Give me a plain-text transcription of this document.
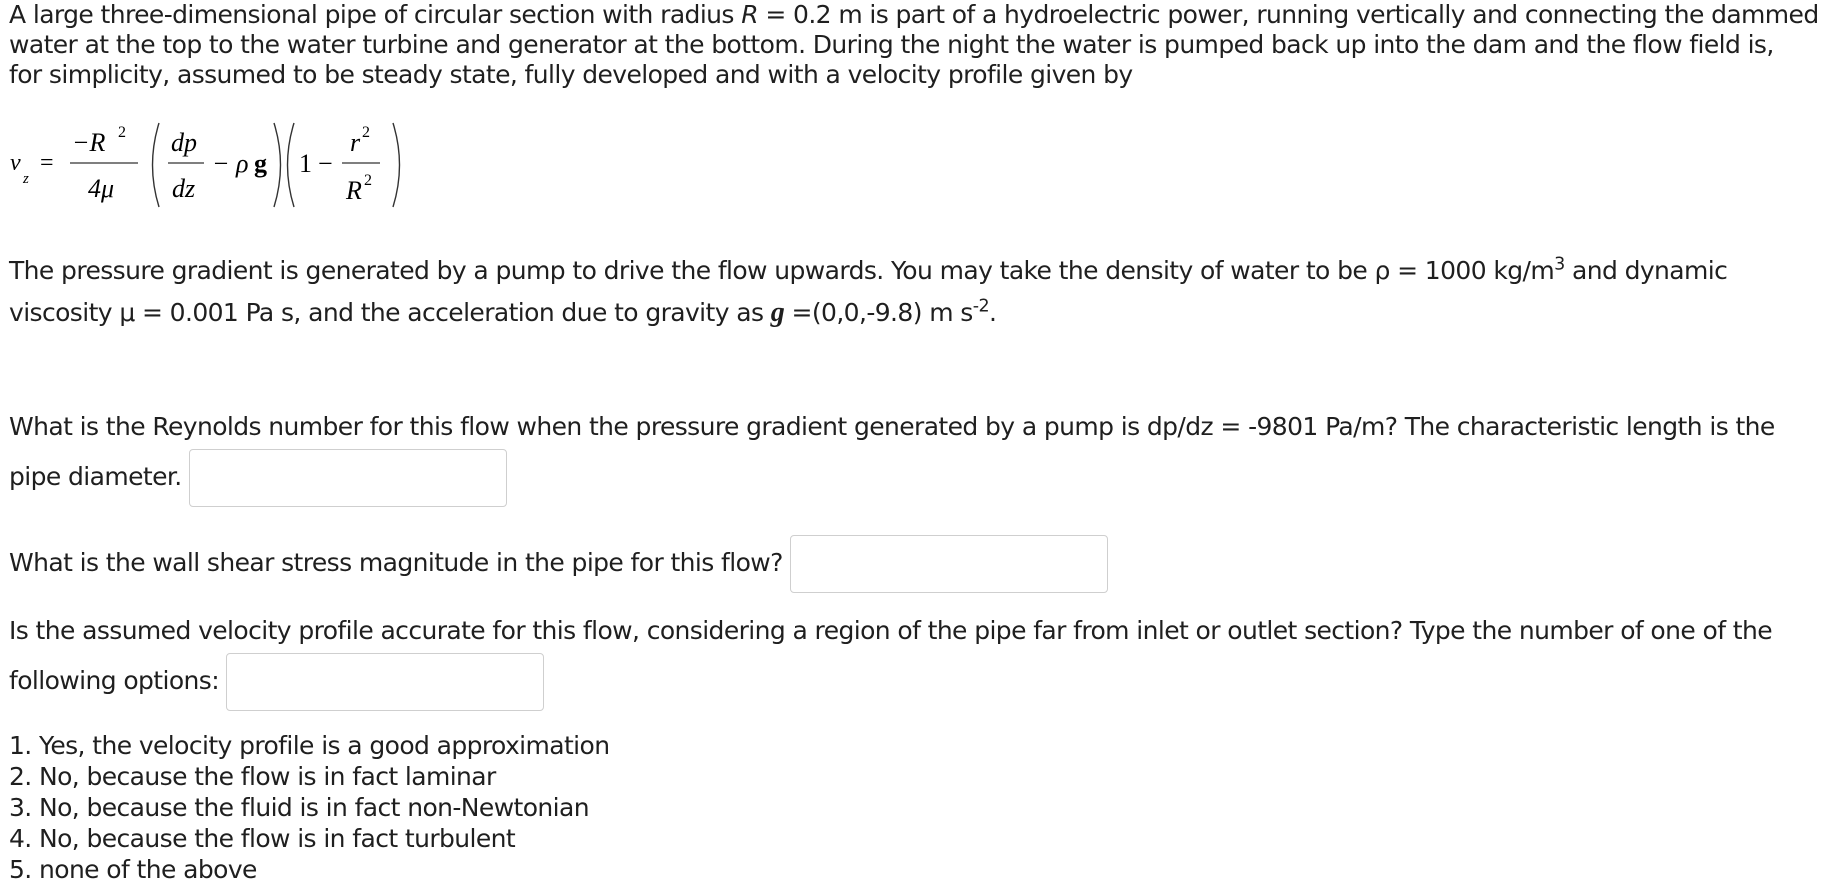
A large three-dimensional pipe of circular section with radius R = 0.2 m is part of a hydroelectric power, running vertically and connecting the dammed
water at the top to the water turbine and generator at the bottom. During the night the water is pumped back up into the dam and the flow field is,
for simplicity, assumed to be steady state, fully developed and with a velocity profile given by

v
z
=
−R 2
4μ
dp
dz
− ρ g 1 −
r 2
R 2

The pressure gradient is generated by a pump to drive the flow upwards. You may take the density of water to be ρ = 1000 $kg/m^3$ and dynamic
viscosity μ = 0.001 Pa s, and the acceleration due to gravity as g =(0,0,-9.8) m $s^{-2}$.

What is the Reynolds number for this flow when the pressure gradient generated by a pump is dp/dz = -9801 Pa/m? The characteristic length is the
pipe diameter.

What is the wall shear stress magnitude in the pipe for this flow?

Is the assumed velocity profile accurate for this flow, considering a region of the pipe far from inlet or outlet section? Type the number of one of the
following options:

1. Yes, the velocity profile is a good approximation
2. No, because the flow is in fact laminar
3. No, because the fluid is in fact non-Newtonian
4. No, because the flow is in fact turbulent
5. none of the above
